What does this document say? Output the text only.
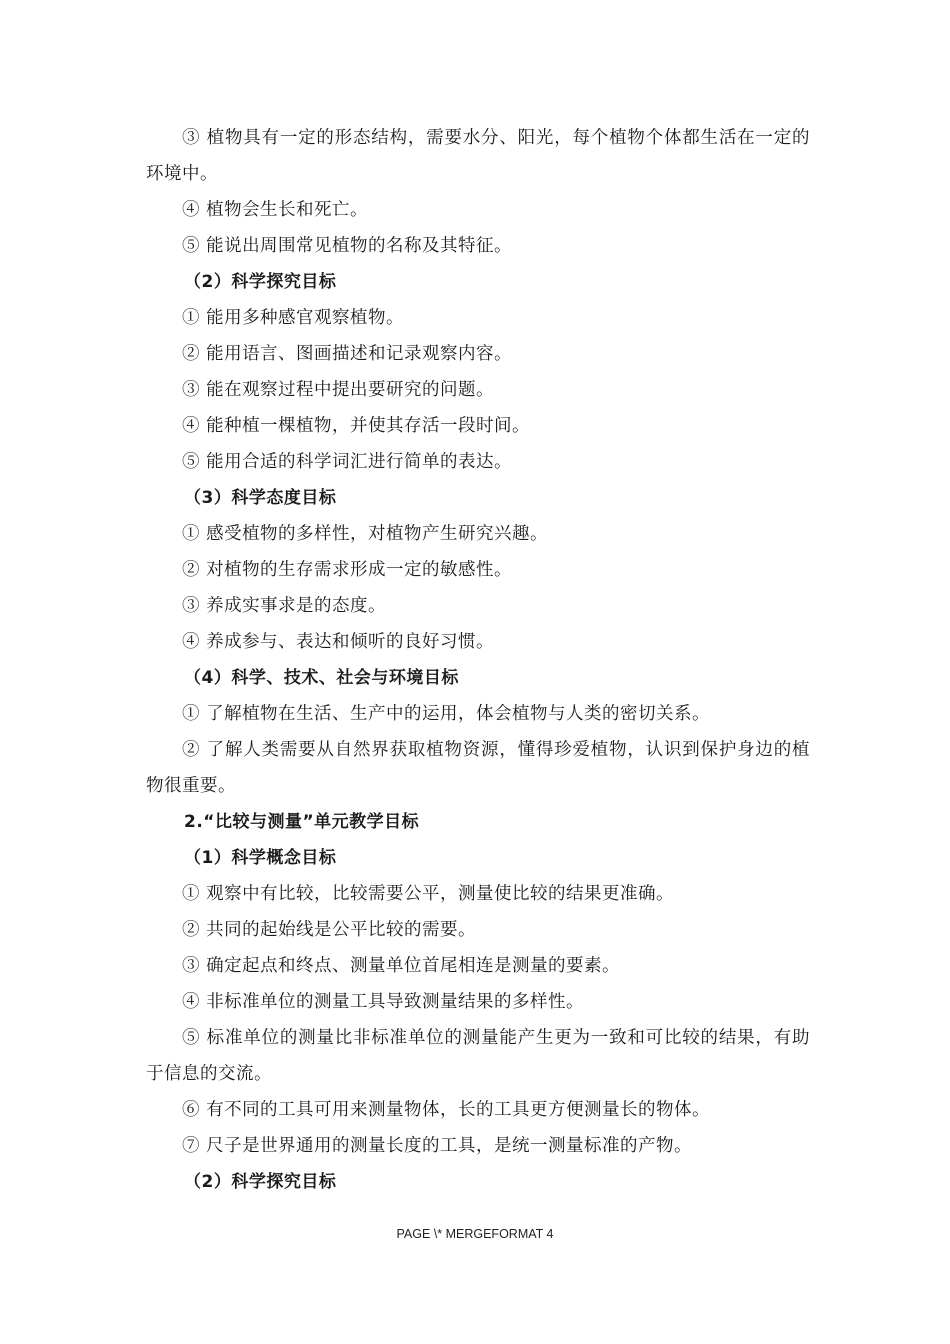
③ 植物具有一定的形态结构，需要水分、阳光，每个植物个体都生活在一定的环境中。

④ 植物会生长和死亡。

⑤ 能说出周围常见植物的名称及其特征。

（2）科学探究目标

① 能用多种感官观察植物。

② 能用语言、图画描述和记录观察内容。

③ 能在观察过程中提出要研究的问题。

④ 能种植一棵植物，并使其存活一段时间。

⑤ 能用合适的科学词汇进行简单的表达。

（3）科学态度目标

① 感受植物的多样性，对植物产生研究兴趣。

② 对植物的生存需求形成一定的敏感性。

③ 养成实事求是的态度。

④ 养成参与、表达和倾听的良好习惯。

（4）科学、技术、社会与环境目标

① 了解植物在生活、生产中的运用，体会植物与人类的密切关系。

② 了解人类需要从自然界获取植物资源，懂得珍爱植物，认识到保护身边的植物很重要。

2.“比较与测量”单元教学目标

（1）科学概念目标

① 观察中有比较，比较需要公平，测量使比较的结果更准确。

② 共同的起始线是公平比较的需要。

③ 确定起点和终点、测量单位首尾相连是测量的要素。

④ 非标准单位的测量工具导致测量结果的多样性。

⑤ 标准单位的测量比非标准单位的测量能产生更为一致和可比较的结果，有助于信息的交流。

⑥ 有不同的工具可用来测量物体，长的工具更方便测量长的物体。

⑦ 尺子是世界通用的测量长度的工具，是统一测量标准的产物。

（2）科学探究目标

PAGE \* MERGEFORMAT 4
